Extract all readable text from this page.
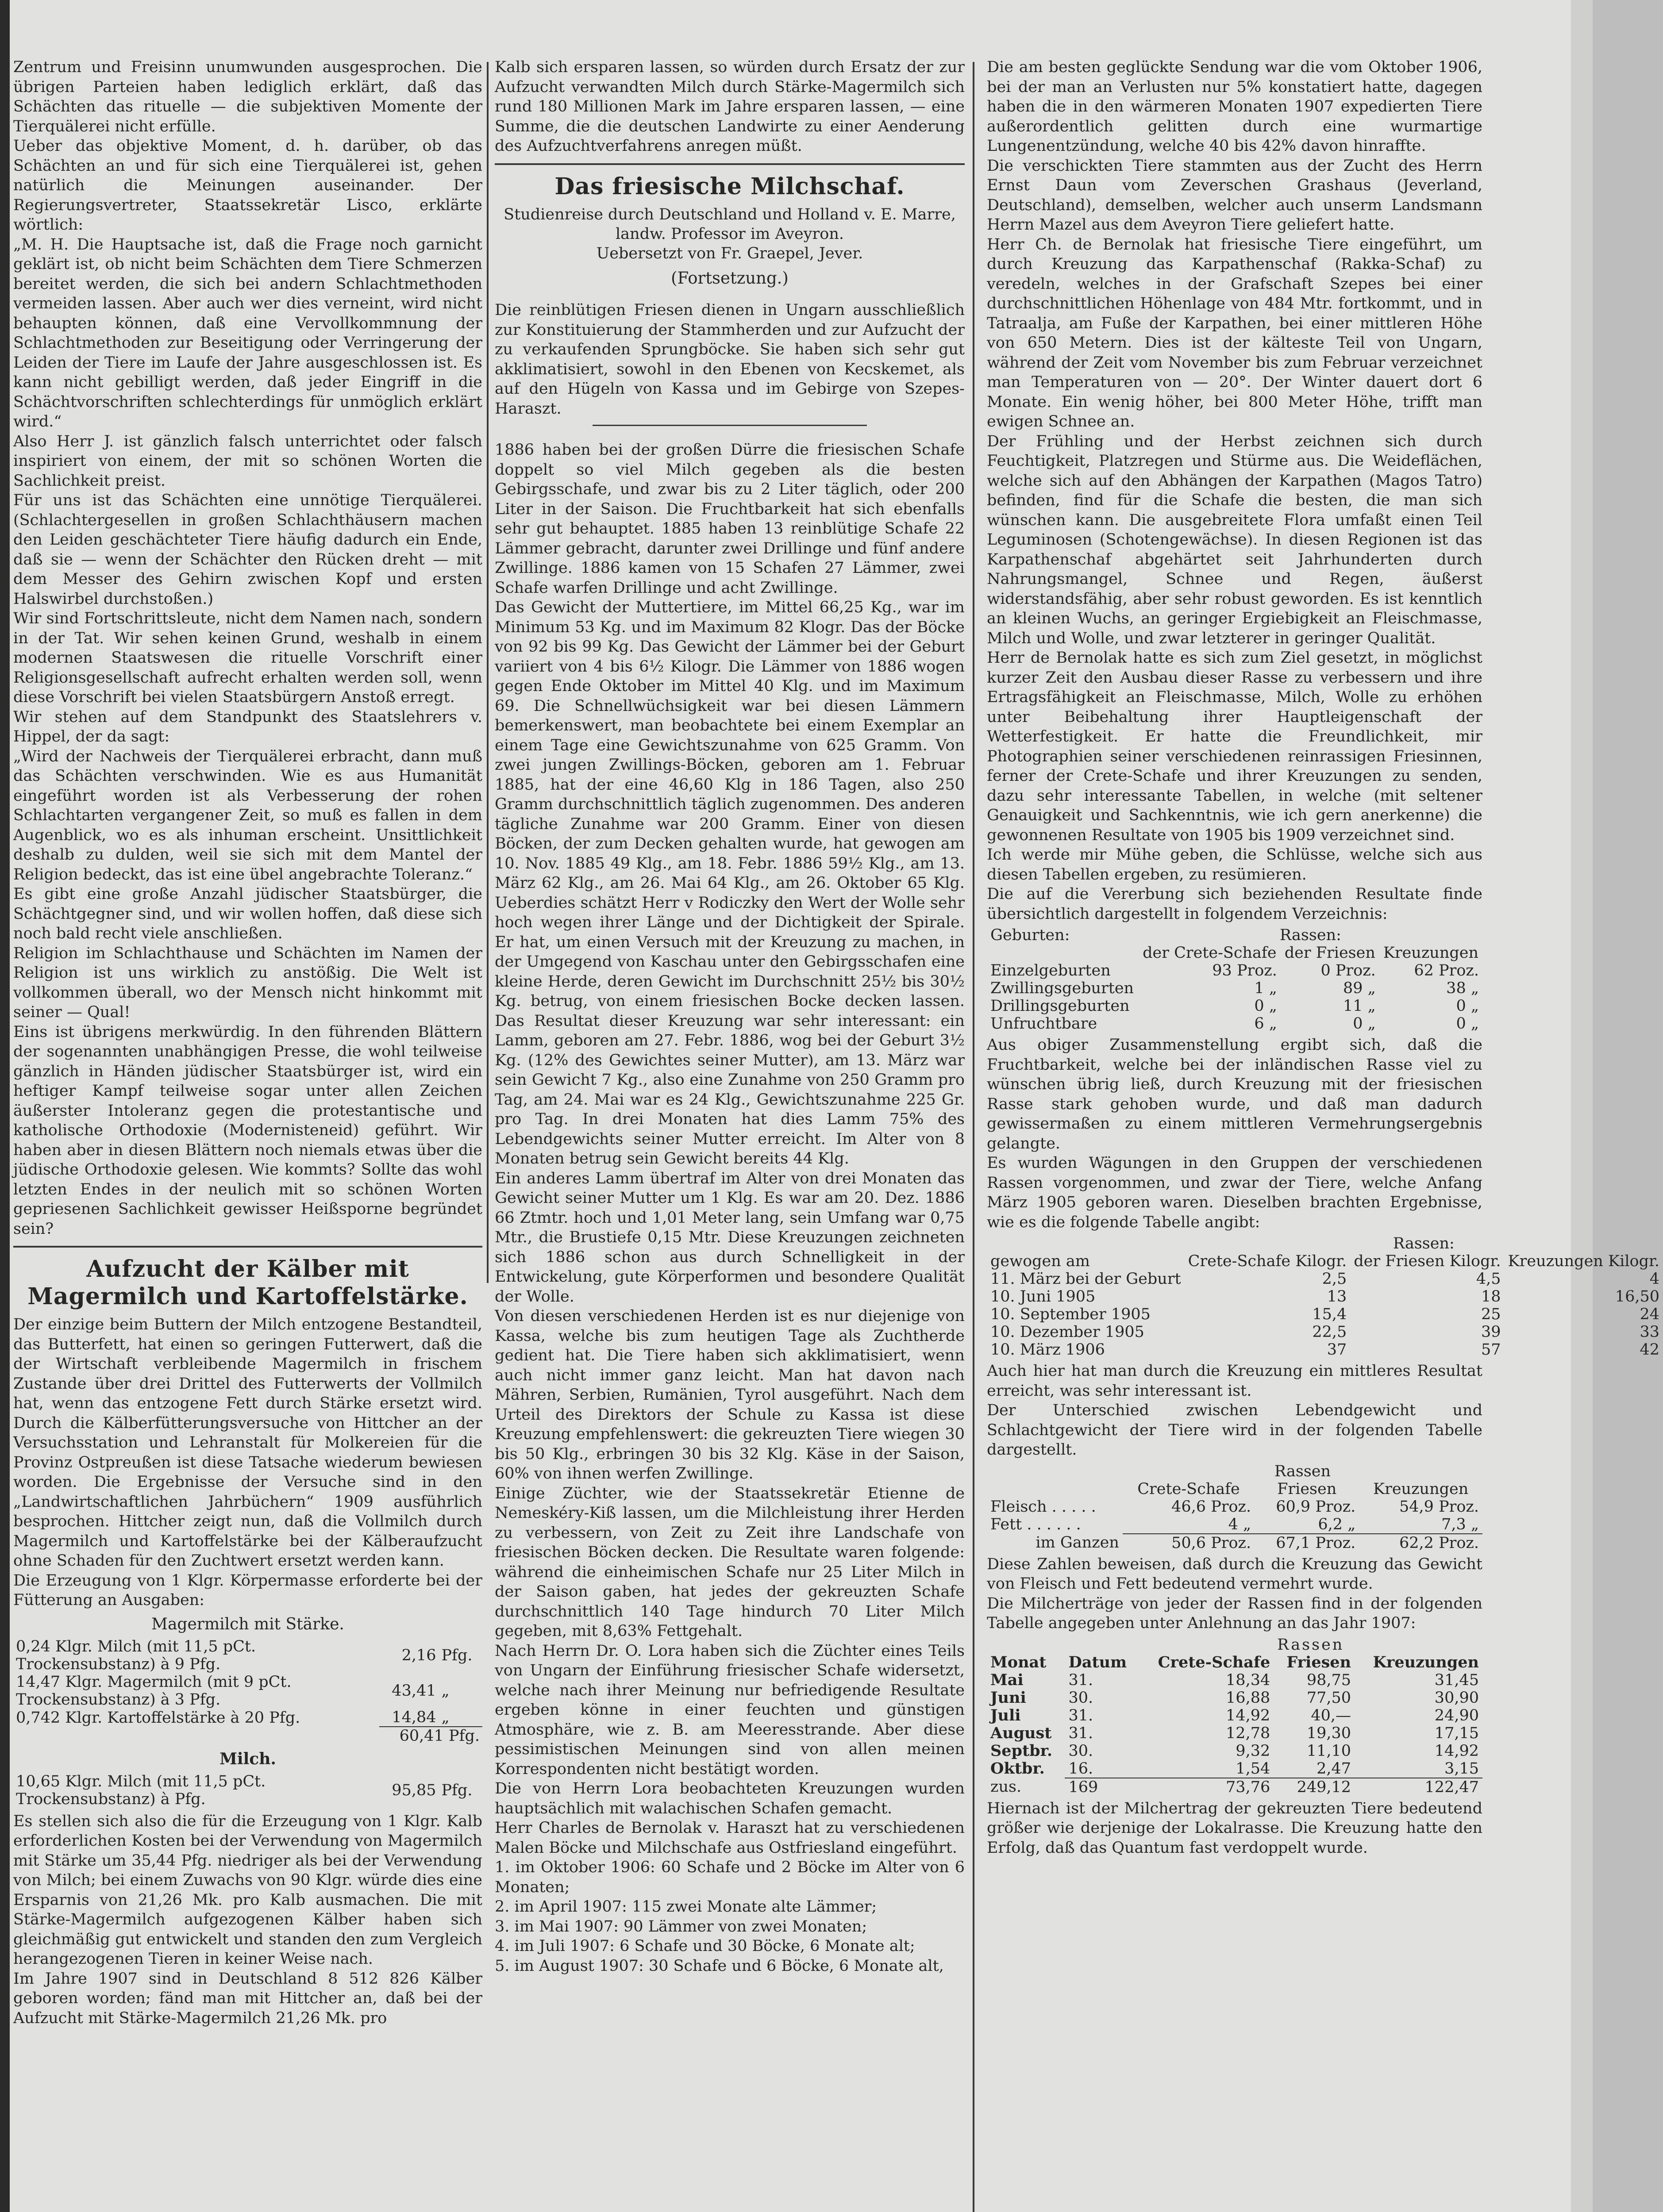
Zentrum und Freisinn unumwunden ausgesprochen. Die übrigen Parteien haben lediglich erklärt, daß das Schächten das rituelle — die subjektiven Momente der Tierquälerei nicht erfülle.

Ueber das objektive Moment, d. h. darüber, ob das Schächten an und für sich eine Tierquälerei ist, gehen natürlich die Meinungen auseinander. Der Regierungsvertreter, Staatssekretär Lisco, erklärte wörtlich:

„M. H. Die Hauptsache ist, daß die Frage noch garnicht geklärt ist, ob nicht beim Schächten dem Tiere Schmerzen bereitet werden, die sich bei andern Schlachtmethoden vermeiden lassen. Aber auch wer dies verneint, wird nicht behaupten können, daß eine Vervollkommnung der Schlachtmethoden zur Beseitigung oder Verringerung der Leiden der Tiere im Laufe der Jahre ausgeschlossen ist. Es kann nicht gebilligt werden, daß jeder Eingriff in die Schächtvorschriften schlechterdings für unmöglich erklärt wird.“

Also Herr J. ist gänzlich falsch unterrichtet oder falsch inspiriert von einem, der mit so schönen Worten die Sachlichkeit preist.

Für uns ist das Schächten eine unnötige Tierquälerei. (Schlachtergesellen in großen Schlachthäusern machen den Leiden geschächteter Tiere häufig dadurch ein Ende, daß sie — wenn der Schächter den Rücken dreht — mit dem Messer des Gehirn zwischen Kopf und ersten Halswirbel durchstoßen.)

Wir sind Fortschrittsleute, nicht dem Namen nach, sondern in der Tat. Wir sehen keinen Grund, weshalb in einem modernen Staatswesen die rituelle Vorschrift einer Religionsgesellschaft aufrecht erhalten werden soll, wenn diese Vorschrift bei vielen Staatsbürgern Anstoß erregt.

Wir stehen auf dem Standpunkt des Staatslehrers v. Hippel, der da sagt:

„Wird der Nachweis der Tierquälerei erbracht, dann muß das Schächten verschwinden. Wie es aus Humanität eingeführt worden ist als Verbesserung der rohen Schlachtarten vergangener Zeit, so muß es fallen in dem Augenblick, wo es als inhuman erscheint. Unsittlichkeit deshalb zu dulden, weil sie sich mit dem Mantel der Religion bedeckt, das ist eine übel angebrachte Toleranz.“

Es gibt eine große Anzahl jüdischer Staatsbürger, die Schächtgegner sind, und wir wollen hoffen, daß diese sich noch bald recht viele anschließen.

Religion im Schlachthause und Schächten im Namen der Religion ist uns wirklich zu anstößig. Die Welt ist vollkommen überall, wo der Mensch nicht hinkommt mit seiner — Qual!

Eins ist übrigens merkwürdig. In den führenden Blättern der sogenannten unabhängigen Presse, die wohl teilweise gänzlich in Händen jüdischer Staatsbürger ist, wird ein heftiger Kampf teilweise sogar unter allen Zeichen äußerster Intoleranz gegen die protestantische und katholische Orthodoxie (Modernisteneid) geführt. Wir haben aber in diesen Blättern noch niemals etwas über die jüdische Orthodoxie gelesen. Wie kommts? Sollte das wohl letzten Endes in der neulich mit so schönen Worten gepriesenen Sachlichkeit gewisser Heißsporne begründet sein?

Aufzucht der Kälber mit Magermilch und Kartoffelstärke.

Der einzige beim Buttern der Milch entzogene Bestandteil, das Butterfett, hat einen so geringen Futterwert, daß die der Wirtschaft verbleibende Magermilch in frischem Zustande über drei Drittel des Futterwerts der Vollmilch hat, wenn das entzogene Fett durch Stärke ersetzt wird. Durch die Kälberfütterungsversuche von Hittcher an der Versuchsstation und Lehranstalt für Molkereien für die Provinz Ostpreußen ist diese Tatsache wiederum bewiesen worden. Die Ergebnisse der Versuche sind in den „Landwirtschaftlichen Jahrbüchern“ 1909 ausführlich besprochen. Hittcher zeigt nun, daß die Vollmilch durch Magermilch und Kartoffelstärke bei der Kälberaufzucht ohne Schaden für den Zuchtwert ersetzt werden kann.

Die Erzeugung von 1 Klgr. Körpermasse erforderte bei der Fütterung an Ausgaben:

Magermilch mit Stärke.
0,24 Klgr. Milch (mit 11,5 pCt. Trockensubstanz) à 9 Pfg.	2,16	Pfg.
14,47 Klgr. Magermilch (mit 9 pCt. Trockensubstanz) à 3 Pfg.	43,41	„
0,742 Klgr. Kartoffelstärke à 20 Pfg.	14,84	„
	60,41 Pfg.	
Milch.
10,65 Klgr. Milch (mit 11,5 pCt. Trockensubstanz) à Pfg.	95,85	Pfg.

Es stellen sich also die für die Erzeugung von 1 Klgr. Kalb erforderlichen Kosten bei der Verwendung von Magermilch mit Stärke um 35,44 Pfg. niedriger als bei der Verwendung von Milch; bei einem Zuwachs von 90 Klgr. würde dies eine Ersparnis von 21,26 Mk. pro Kalb ausmachen. Die mit Stärke-Magermilch aufgezogenen Kälber haben sich gleichmäßig gut entwickelt und standen den zum Vergleich herangezogenen Tieren in keiner Weise nach.

Im Jahre 1907 sind in Deutschland 8 512 826 Kälber geboren worden; fänd man mit Hittcher an, daß bei der Aufzucht mit Stärke-Magermilch 21,26 Mk. pro

Kalb sich ersparen lassen, so würden durch Ersatz der zur Aufzucht verwandten Milch durch Stärke-Magermilch sich rund 180 Millionen Mark im Jahre ersparen lassen, — eine Summe, die die deutschen Landwirte zu einer Aenderung des Aufzuchtverfahrens anregen müßt.

Das friesische Milchschaf.
Studienreise durch Deutschland und Holland v. E. Marre, landw. Professor im Aveyron.
Uebersetzt von Fr. Graepel, Jever.
(Fortsetzung.)

Die reinblütigen Friesen dienen in Ungarn ausschließlich zur Konstituierung der Stammherden und zur Aufzucht der zu verkaufenden Sprungböcke. Sie haben sich sehr gut akklimatisiert, sowohl in den Ebenen von Kecskemet, als auf den Hügeln von Kassa und im Gebirge von Szepes-Haraszt.

1886 haben bei der großen Dürre die friesischen Schafe doppelt so viel Milch gegeben als die besten Gebirgsschafe, und zwar bis zu 2 Liter täglich, oder 200 Liter in der Saison. Die Fruchtbarkeit hat sich ebenfalls sehr gut behauptet. 1885 haben 13 reinblütige Schafe 22 Lämmer gebracht, darunter zwei Drillinge und fünf andere Zwillinge. 1886 kamen von 15 Schafen 27 Lämmer, zwei Schafe warfen Drillinge und acht Zwillinge.

Das Gewicht der Muttertiere, im Mittel 66,25 Kg., war im Minimum 53 Kg. und im Maximum 82 Klogr. Das der Böcke von 92 bis 99 Kg. Das Gewicht der Lämmer bei der Geburt variiert von 4 bis 6½ Kilogr. Die Lämmer von 1886 wogen gegen Ende Oktober im Mittel 40 Klg. und im Maximum 69. Die Schnellwüchsigkeit war bei diesen Lämmern bemerkenswert, man beobachtete bei einem Exemplar an einem Tage eine Gewichtszunahme von 625 Gramm. Von zwei jungen Zwillings-Böcken, geboren am 1. Februar 1885, hat der eine 46,60 Klg in 186 Tagen, also 250 Gramm durchschnittlich täglich zugenommen. Des anderen tägliche Zunahme war 200 Gramm. Einer von diesen Böcken, der zum Decken gehalten wurde, hat gewogen am 10. Nov. 1885 49 Klg., am 18. Febr. 1886 59½ Klg., am 13. März 62 Klg., am 26. Mai 64 Klg., am 26. Oktober 65 Klg. Ueberdies schätzt Herr v Rodiczky den Wert der Wolle sehr hoch wegen ihrer Länge und der Dichtigkeit der Spirale. Er hat, um einen Versuch mit der Kreuzung zu machen, in der Umgegend von Kaschau unter den Gebirgsschafen eine kleine Herde, deren Gewicht im Durchschnitt 25½ bis 30½ Kg. betrug, von einem friesischen Bocke decken lassen. Das Resultat dieser Kreuzung war sehr interessant: ein Lamm, geboren am 27. Febr. 1886, wog bei der Geburt 3½ Kg. (12% des Gewichtes seiner Mutter), am 13. März war sein Gewicht 7 Kg., also eine Zunahme von 250 Gramm pro Tag, am 24. Mai war es 24 Klg., Gewichtszunahme 225 Gr. pro Tag. In drei Monaten hat dies Lamm 75% des Lebendgewichts seiner Mutter erreicht. Im Alter von 8 Monaten betrug sein Gewicht bereits 44 Klg.

Ein anderes Lamm übertraf im Alter von drei Monaten das Gewicht seiner Mutter um 1 Klg. Es war am 20. Dez. 1886 66 Ztmtr. hoch und 1,01 Meter lang, sein Umfang war 0,75 Mtr., die Brustiefe 0,15 Mtr. Diese Kreuzungen zeichneten sich 1886 schon aus durch Schnelligkeit in der Entwickelung, gute Körperformen und besondere Qualität der Wolle.

Von diesen verschiedenen Herden ist es nur diejenige von Kassa, welche bis zum heutigen Tage als Zuchtherde gedient hat. Die Tiere haben sich akklimatisiert, wenn auch nicht immer ganz leicht. Man hat davon nach Mähren, Serbien, Rumänien, Tyrol ausgeführt. Nach dem Urteil des Direktors der Schule zu Kassa ist diese Kreuzung empfehlenswert: die gekreuzten Tiere wiegen 30 bis 50 Klg., erbringen 30 bis 32 Klg. Käse in der Saison, 60% von ihnen werfen Zwillinge.

Einige Züchter, wie der Staatssekretär Etienne de Nemeskéry-Kiß lassen, um die Milchleistung ihrer Herden zu verbessern, von Zeit zu Zeit ihre Landschafe von friesischen Böcken decken. Die Resultate waren folgende: während die einheimischen Schafe nur 25 Liter Milch in der Saison gaben, hat jedes der gekreuzten Schafe durchschnittlich 140 Tage hindurch 70 Liter Milch gegeben, mit 8,63% Fettgehalt.

Nach Herrn Dr. O. Lora haben sich die Züchter eines Teils von Ungarn der Einführung friesischer Schafe widersetzt, welche nach ihrer Meinung nur befriedigende Resultate ergeben könne in einer feuchten und günstigen Atmosphäre, wie z. B. am Meeresstrande. Aber diese pessimistischen Meinungen sind von allen meinen Korrespondenten nicht bestätigt worden.

Die von Herrn Lora beobachteten Kreuzungen wurden hauptsächlich mit walachischen Schafen gemacht.

Herr Charles de Bernolak v. Haraszt hat zu verschiedenen Malen Böcke und Milchschafe aus Ostfriesland eingeführt.

1. im Oktober 1906: 60 Schafe und 2 Böcke im Alter von 6 Monaten;

2. im April 1907: 115 zwei Monate alte Lämmer;

3. im Mai 1907: 90 Lämmer von zwei Monaten;

4. im Juli 1907: 6 Schafe und 30 Böcke, 6 Monate alt;

5. im August 1907: 30 Schafe und 6 Böcke, 6 Monate alt,

Die am besten geglückte Sendung war die vom Oktober 1906, bei der man an Verlusten nur 5% konstatiert hatte, dagegen haben die in den wärmeren Monaten 1907 expedierten Tiere außerordentlich gelitten durch eine wurmartige Lungenentzündung, welche 40 bis 42% davon hinraffte.

Die verschickten Tiere stammten aus der Zucht des Herrn Ernst Daun vom Zeverschen Grashaus (Jeverland, Deutschland), demselben, welcher auch unserm Landsmann Herrn Mazel aus dem Aveyron Tiere geliefert hatte.

Herr Ch. de Bernolak hat friesische Tiere eingeführt, um durch Kreuzung das Karpathenschaf (Rakka-Schaf) zu veredeln, welches in der Grafschaft Szepes bei einer durchschnittlichen Höhenlage von 484 Mtr. fortkommt, und in Tatraalja, am Fuße der Karpathen, bei einer mittleren Höhe von 650 Metern. Dies ist der kälteste Teil von Ungarn, während der Zeit vom November bis zum Februar verzeichnet man Temperaturen von — 20°. Der Winter dauert dort 6 Monate. Ein wenig höher, bei 800 Meter Höhe, trifft man ewigen Schnee an.

Der Frühling und der Herbst zeichnen sich durch Feuchtigkeit, Platzregen und Stürme aus. Die Weideflächen, welche sich auf den Abhängen der Karpathen (Magos Tatro) befinden, find für die Schafe die besten, die man sich wünschen kann. Die ausgebreitete Flora umfaßt einen Teil Leguminosen (Schotengewächse). In diesen Regionen ist das Karpathenschaf abgehärtet seit Jahrhunderten durch Nahrungsmangel, Schnee und Regen, äußerst widerstandsfähig, aber sehr robust geworden. Es ist kenntlich an kleinen Wuchs, an geringer Ergiebigkeit an Fleischmasse, Milch und Wolle, und zwar letzterer in geringer Qualität.

Herr de Bernolak hatte es sich zum Ziel gesetzt, in möglichst kurzer Zeit den Ausbau dieser Rasse zu verbessern und ihre Ertragsfähigkeit an Fleischmasse, Milch, Wolle zu erhöhen unter Beibehaltung ihrer Hauptleigenschaft der Wetterfestigkeit. Er hatte die Freundlichkeit, mir Photographien seiner verschiedenen reinrassigen Friesinnen, ferner der Crete-Schafe und ihrer Kreuzungen zu senden, dazu sehr interessante Tabellen, in welche (mit seltener Genauigkeit und Sachkenntnis, wie ich gern anerkenne) die gewonnenen Resultate von 1905 bis 1909 verzeichnet sind.

Ich werde mir Mühe geben, die Schlüsse, welche sich aus diesen Tabellen ergeben, zu resümieren.

Die auf die Vererbung sich beziehenden Resultate finde übersichtlich dargestellt in folgendem Verzeichnis:

Geburten:	Rassen:		
	der Crete-Schafe	der Friesen	Kreuzungen
Einzelgeburten	93 Proz.	0 Proz.	62 Proz.
Zwillingsgeburten	1 „	89 „	38 „
Drillingsgeburten	0 „	11 „	0 „
Unfruchtbare	6 „	0 „	0 „

Aus obiger Zusammenstellung ergibt sich, daß die Fruchtbarkeit, welche bei der inländischen Rasse viel zu wünschen übrig ließ, durch Kreuzung mit der friesischen Rasse stark gehoben wurde, und daß man dadurch gewissermaßen zu einem mittleren Vermehrungsergebnis gelangte.

Es wurden Wägungen in den Gruppen der verschiedenen Rassen vorgenommen, und zwar der Tiere, welche Anfang März 1905 geboren waren. Dieselben brachten Ergebnisse, wie es die folgende Tabelle angibt:

	Rassen:		
gewogen am	Crete-Schafe Kilogr.	der Friesen Kilogr.	Kreuzungen Kilogr.
11. März bei der Geburt	2,5	4,5	4
10. Juni 1905	13	18	16,50
10. September 1905	15,4	25	24
10. Dezember 1905	22,5	39	33
10. März 1906	37	57	42

Auch hier hat man durch die Kreuzung ein mittleres Resultat erreicht, was sehr interessant ist.

Der Unterschied zwischen Lebendgewicht und Schlachtgewicht der Tiere wird in der folgenden Tabelle dargestellt.

	Rassen		
	Crete-Schafe	Friesen	Kreuzungen
Fleisch . . . . .	46,6 Proz.	60,9 Proz.	54,9 Proz.
Fett . . . . . .	4 „	6,2 „	7,3 „
im Ganzen	50,6 Proz.	67,1 Proz.	62,2 Proz.

Diese Zahlen beweisen, daß durch die Kreuzung das Gewicht von Fleisch und Fett bedeutend vermehrt wurde.

Die Milcherträge von jeder der Rassen find in der folgenden Tabelle angegeben unter Anlehnung an das Jahr 1907:

		Rassen		
Monat	Datum	Crete-Schafe	Friesen	Kreuzungen
Mai	31.	18,34	98,75	31,45
Juni	30.	16,88	77,50	30,90
Juli	31.	14,92	40,—	24,90
August	31.	12,78	19,30	17,15
Septbr.	30.	9,32	11,10	14,92
Oktbr.	16.	1,54	2,47	3,15
zus.	169	73,76	249,12	122,47

Hiernach ist der Milchertrag der gekreuzten Tiere bedeutend größer wie derjenige der Lokalrasse. Die Kreuzung hatte den Erfolg, daß das Quantum fast verdoppelt wurde.
